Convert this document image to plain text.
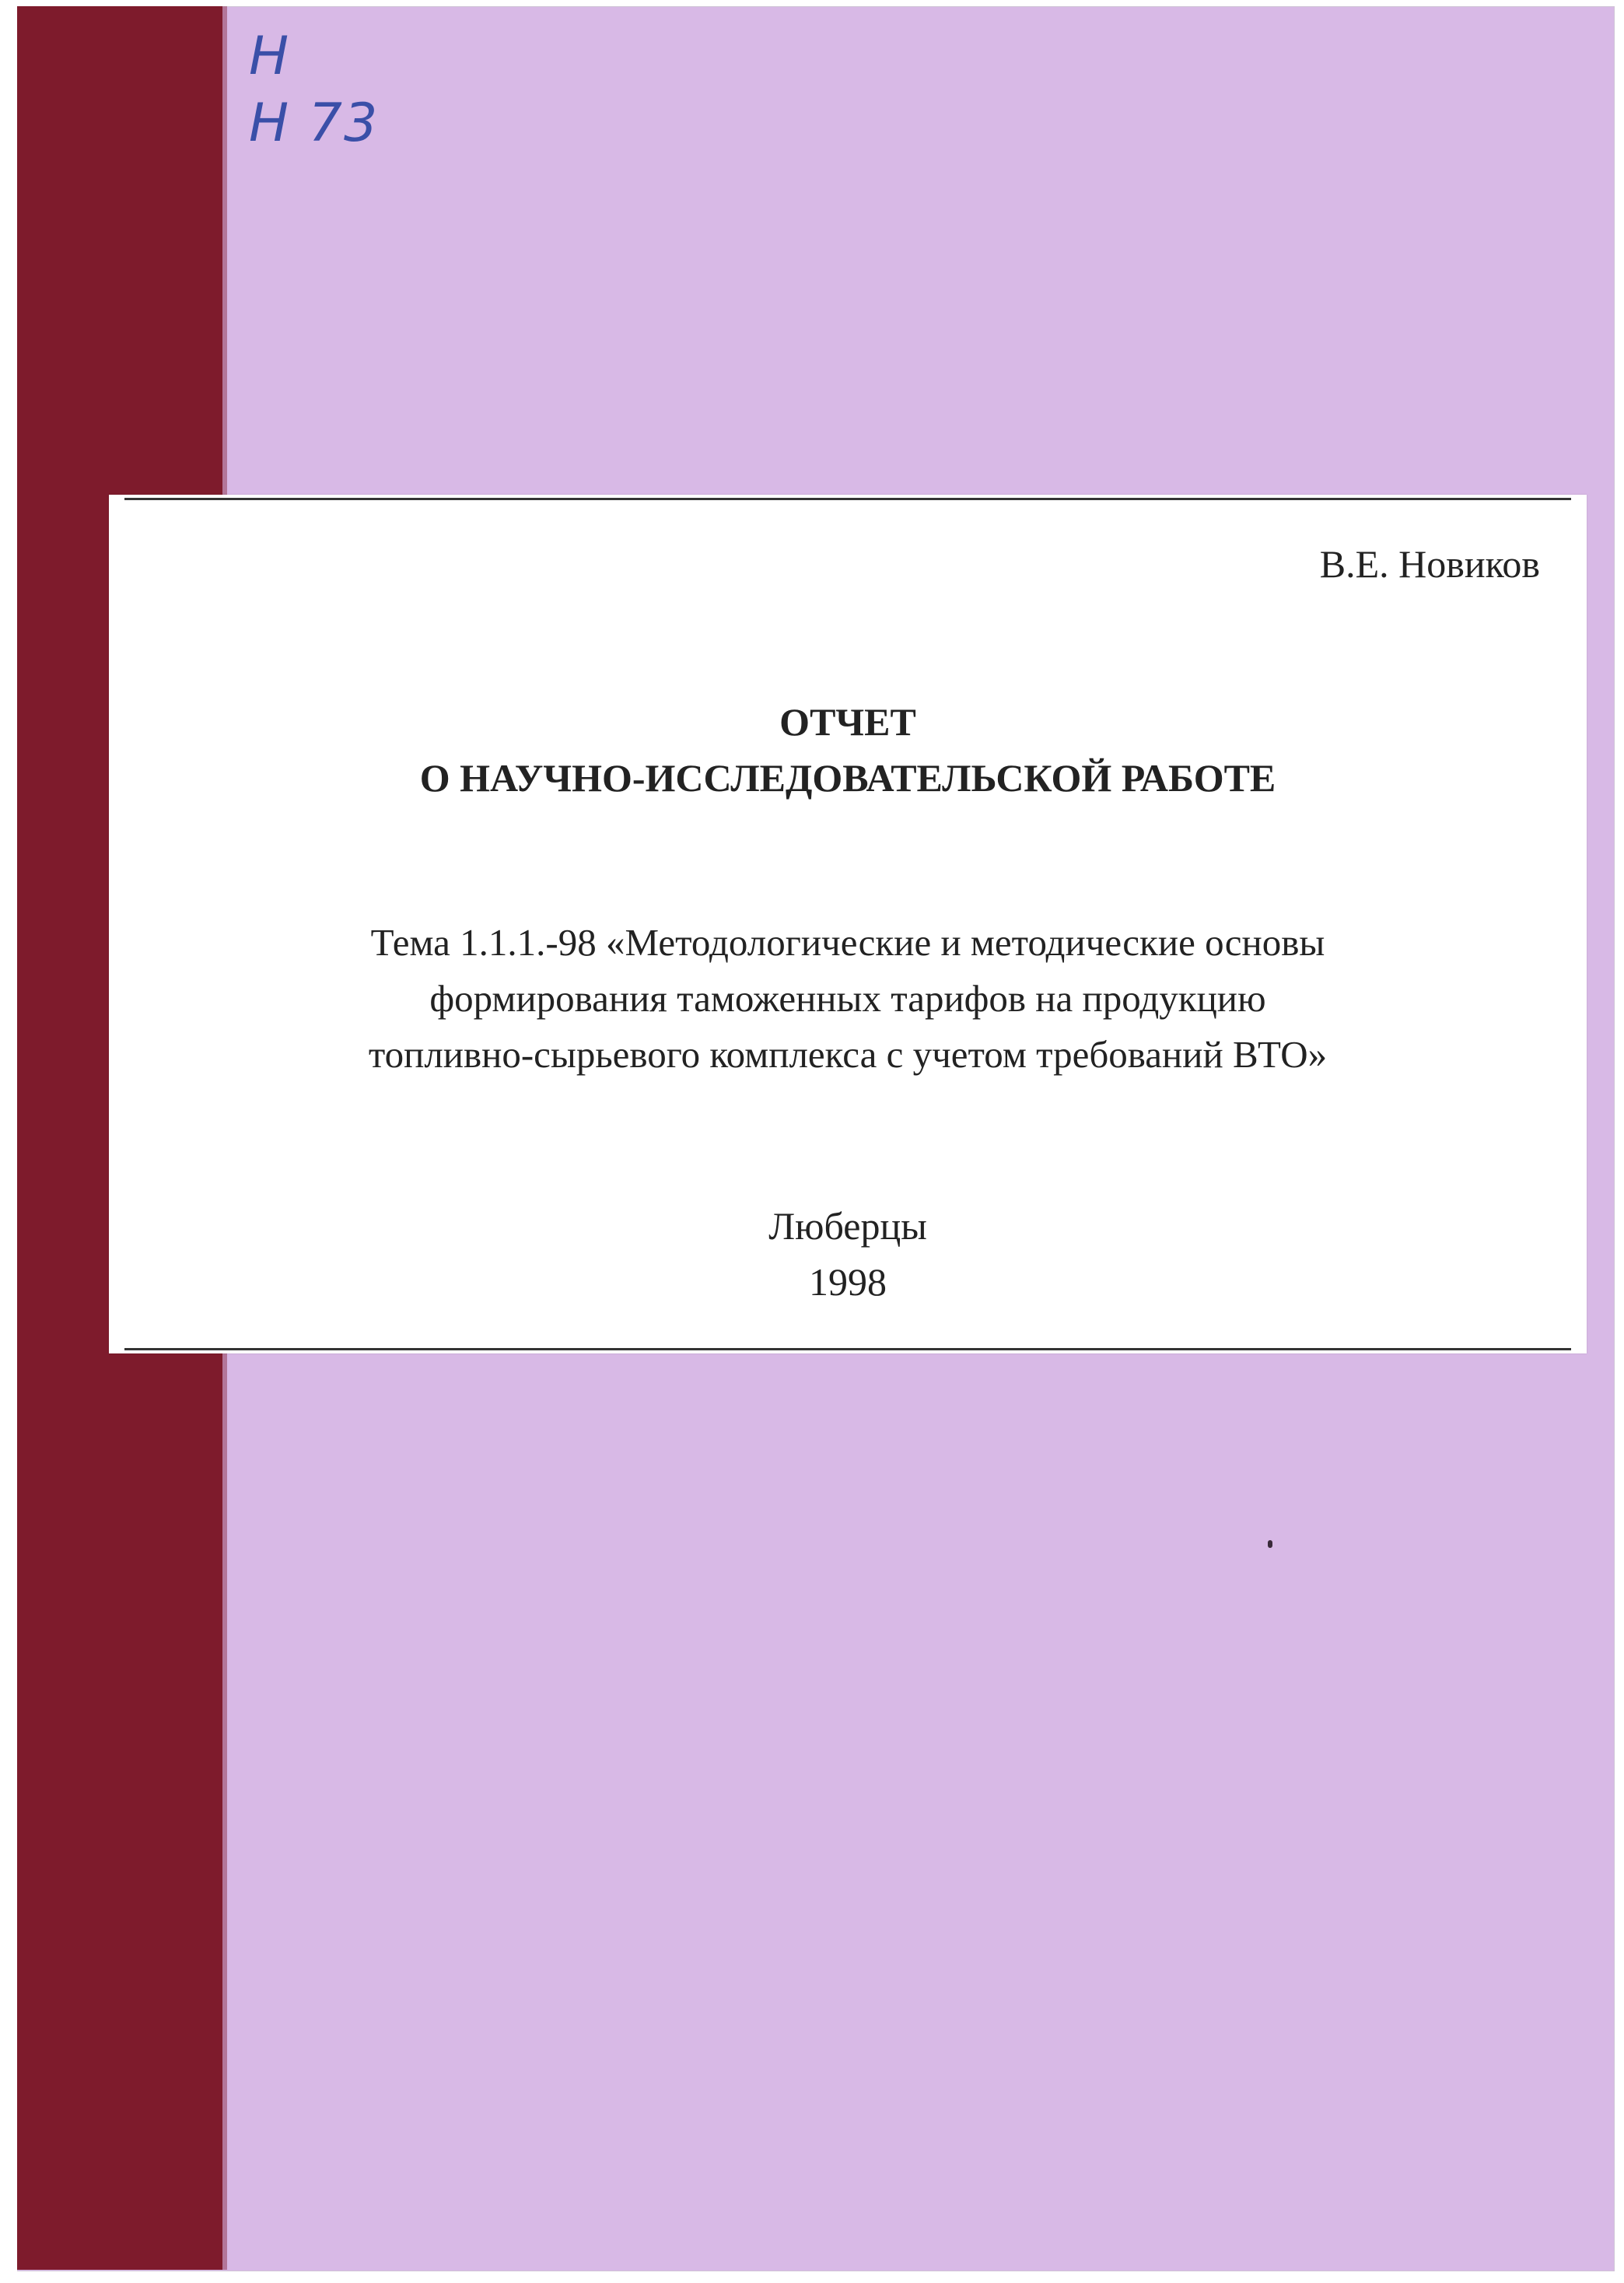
Н
Н 73
В.Е. Новиков
ОТЧЕТ
О НАУЧНО-ИССЛЕДОВАТЕЛЬСКОЙ РАБОТЕ
Тема 1.1.1.-98 «Методологические и методические основы
формирования таможенных тарифов на продукцию
топливно-сырьевого комплекса с учетом требований ВТО»
Люберцы
1998
